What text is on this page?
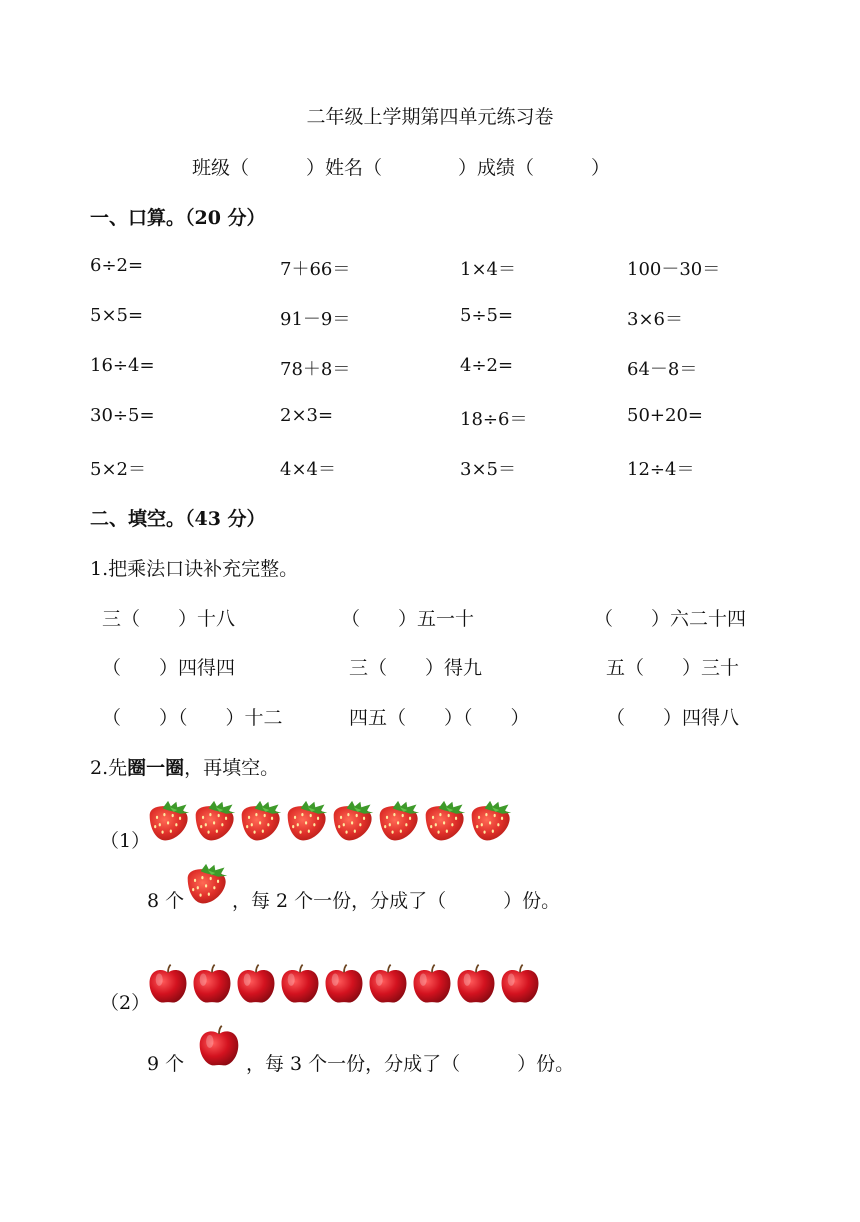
二年级上学期第四单元练习卷
班级（　　　）姓名（　　　　）成绩（　　　）
一、口算。（20 分）
6÷2=	7＋66＝	1×4＝	100－30＝
5×5=	91－9＝	5÷5=	3×6＝
16÷4=	78＋8＝	4÷2=	64－8＝
30÷5=	2×3=	18÷6＝	50+20=
5×2＝	4×4＝	3×5＝	12÷4＝
二、填空。（43 分）
1.把乘法口诀补充完整。
三（　　）十八	（　　）五一十	（　　）六二十四
（　　）四得四	三（　　）得九	五（　　）三十
（　　）（　　）十二	四五（　　）（　　）	（　　）四得八
2.先圈一圈，再填空。
（1）
8 个	，每 2 个一份，分成了（　　　）份。
（2）
9 个	，每 3 个一份，分成了（　　　）份。
